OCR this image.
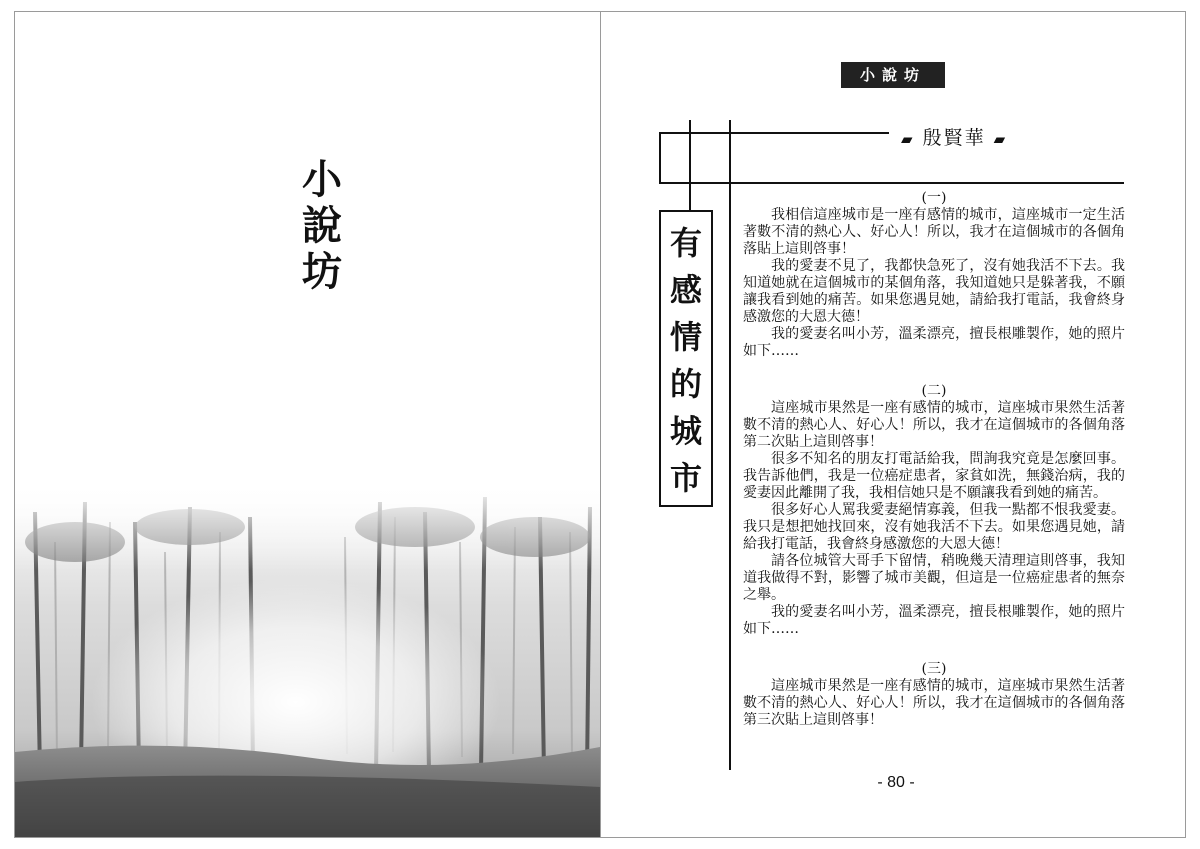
小
說
坊
小說坊
▰ 殷賢華 ▰
有
感
情
的
城
市
(一)

我相信這座城市是一座有感情的城市，這座城市一定生活著數不清的熱心人、好心人！所以，我才在這個城市的各個角落貼上這則啓事！

我的愛妻不見了，我都快急死了，沒有她我活不下去。我知道她就在這個城市的某個角落，我知道她只是躲著我，不願讓我看到她的痛苦。如果您遇見她，請給我打電話，我會終身感激您的大恩大德！

我的愛妻名叫小芳，溫柔漂亮，擅長根雕製作，她的照片如下……

(二)

這座城市果然是一座有感情的城市，這座城市果然生活著數不清的熱心人、好心人！所以，我才在這個城市的各個角落第二次貼上這則啓事！

很多不知名的朋友打電話給我，問詢我究竟是怎麼回事。我告訴他們，我是一位癌症患者，家貧如洗，無錢治病，我的愛妻因此離開了我，我相信她只是不願讓我看到她的痛苦。

很多好心人罵我愛妻絕情寡義，但我一點都不恨我愛妻。我只是想把她找回來，沒有她我活不下去。如果您遇見她，請給我打電話，我會終身感激您的大恩大德！

請各位城管大哥手下留情，稍晚幾天清理這則啓事，我知道我做得不對，影響了城市美觀，但這是一位癌症患者的無奈之舉。

我的愛妻名叫小芳，溫柔漂亮，擅長根雕製作，她的照片如下……

(三)

這座城市果然是一座有感情的城市，這座城市果然生活著數不清的熱心人、好心人！所以，我才在這個城市的各個角落第三次貼上這則啓事！

- 80 -
